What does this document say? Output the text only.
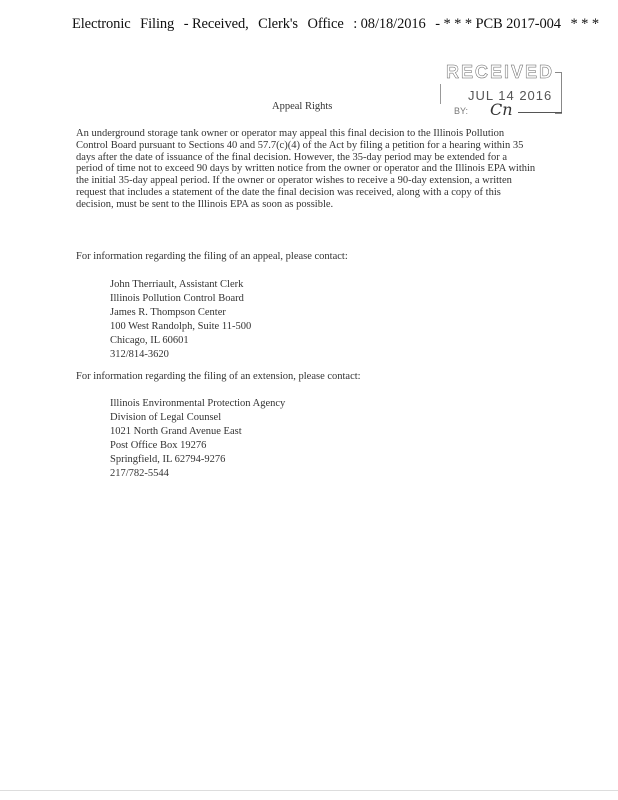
Electronic Filing - Received, Clerk's Office : 08/18/2016 - * * * PCB 2017-004 * * *
RECEIVED
JUL 14 2016
BY: Cn
Appeal Rights
An underground storage tank owner or operator may appeal this final decision to the Illinois Pollution Control Board pursuant to Sections 40 and 57.7(c)(4) of the Act by filing a petition for a hearing within 35 days after the date of issuance of the final decision. However, the 35-day period may be extended for a period of time not to exceed 90 days by written notice from the owner or operator and the Illinois EPA within the initial 35-day appeal period. If the owner or operator wishes to receive a 90-day extension, a written request that includes a statement of the date the final decision was received, along with a copy of this decision, must be sent to the Illinois EPA as soon as possible.
For information regarding the filing of an appeal, please contact:
John Therriault, Assistant Clerk
Illinois Pollution Control Board
James R. Thompson Center
100 West Randolph, Suite 11-500
Chicago, IL 60601
312/814-3620
For information regarding the filing of an extension, please contact:
Illinois Environmental Protection Agency
Division of Legal Counsel
1021 North Grand Avenue East
Post Office Box 19276
Springfield, IL 62794-9276
217/782-5544
